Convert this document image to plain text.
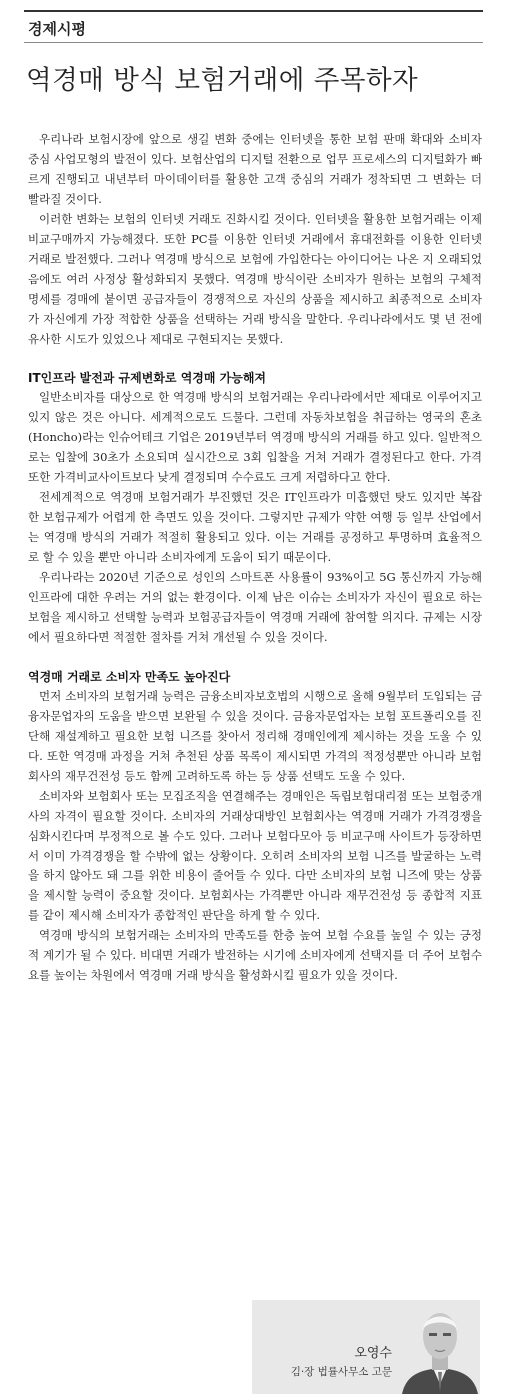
경제시평
역경매 방식 보험거래에 주목하자

우리나라 보험시장에 앞으로 생길 변화 중에는 인터넷을 통한 보험 판매 확대와 소비자 중심 사업모형의 발전이 있다. 보험산업의 디지털 전환으로 업무 프로세스의 디지털화가 빠르게 진행되고 내년부터 마이데이터를 활용한 고객 중심의 거래가 정착되면 그 변화는 더 빨라질 것이다.

이러한 변화는 보험의 인터넷 거래도 진화시킬 것이다. 인터넷을 활용한 보험거래는 이제 비교구매까지 가능해졌다. 또한 PC를 이용한 인터넷 거래에서 휴대전화를 이용한 인터넷 거래로 발전했다. 그러나 역경매 방식으로 보험에 가입한다는 아이디어는 나온 지 오래되었음에도 여러 사정상 활성화되지 못했다. 역경매 방식이란 소비자가 원하는 보험의 구체적 명세를 경매에 붙이면 공급자들이 경쟁적으로 자신의 상품을 제시하고 최종적으로 소비자가 자신에게 가장 적합한 상품을 선택하는 거래 방식을 말한다. 우리나라에서도 몇 년 전에 유사한 시도가 있었으나 제대로 구현되지는 못했다.

IT인프라 발전과 규제변화로 역경매 가능해져

일반소비자를 대상으로 한 역경매 방식의 보험거래는 우리나라에서만 제대로 이루어지고 있지 않은 것은 아니다. 세계적으로도 드물다. 그런데 자동차보험을 취급하는 영국의 혼초(Honcho)라는 인슈어테크 기업은 2019년부터 역경매 방식의 거래를 하고 있다. 일반적으로는 입찰에 30초가 소요되며 실시간으로 3회 입찰을 거쳐 거래가 결정된다고 한다. 가격 또한 가격비교사이트보다 낮게 결정되며 수수료도 크게 저렴하다고 한다.

전세계적으로 역경매 보험거래가 부진했던 것은 IT인프라가 미흡했던 탓도 있지만 복잡한 보험규제가 어렵게 한 측면도 있을 것이다. 그렇지만 규제가 약한 여행 등 일부 산업에서는 역경매 방식의 거래가 적절히 활용되고 있다. 이는 거래를 공정하고 투명하며 효율적으로 할 수 있을 뿐만 아니라 소비자에게 도움이 되기 때문이다.

우리나라는 2020년 기준으로 성인의 스마트폰 사용률이 93%이고 5G 통신까지 가능해 인프라에 대한 우려는 거의 없는 환경이다. 이제 남은 이슈는 소비자가 자신이 필요로 하는 보험을 제시하고 선택할 능력과 보험공급자들이 역경매 거래에 참여할 의지다. 규제는 시장에서 필요하다면 적절한 절차를 거쳐 개선될 수 있을 것이다.

역경매 거래로 소비자 만족도 높아진다

먼저 소비자의 보험거래 능력은 금융소비자보호법의 시행으로 올해 9월부터 도입되는 금융자문업자의 도움을 받으면 보완될 수 있을 것이다. 금융자문업자는 보험 포트폴리오를 진단해 재설계하고 필요한 보험 니즈를 찾아서 정리해 경매인에게 제시하는 것을 도울 수 있다. 또한 역경매 과정을 거쳐 추천된 상품 목록이 제시되면 가격의 적정성뿐만 아니라 보험회사의 재무건전성 등도 함께 고려하도록 하는 등 상품 선택도 도울 수 있다.

소비자와 보험회사 또는 모집조직을 연결해주는 경매인은 독립보험대리점 또는 보험중개사의 자격이 필요할 것이다. 소비자의 거래상대방인 보험회사는 역경매 거래가 가격경쟁을 심화시킨다며 부정적으로 볼 수도 있다. 그러나 보험다모아 등 비교구매 사이트가 등장하면서 이미 가격경쟁을 할 수밖에 없는 상황이다. 오히려 소비자의 보험 니즈를 발굴하는 노력을 하지 않아도 돼 그를 위한 비용이 줄어들 수 있다. 다만 소비자의 보험 니즈에 맞는 상품을 제시할 능력이 중요할 것이다. 보험회사는 가격뿐만 아니라 재무건전성 등 종합적 지표를 같이 제시해 소비자가 종합적인 판단을 하게 할 수 있다.

역경매 방식의 보험거래는 소비자의 만족도를 한층 높여 보험 수요를 높일 수 있는 긍정적 계기가 될 수 있다. 비대면 거래가 발전하는 시기에 소비자에게 선택지를 더 주어 보험수요를 높이는 차원에서 역경매 거래 방식을 활성화시킬 필요가 있을 것이다.

오영수
김·장 법률사무소 고문
